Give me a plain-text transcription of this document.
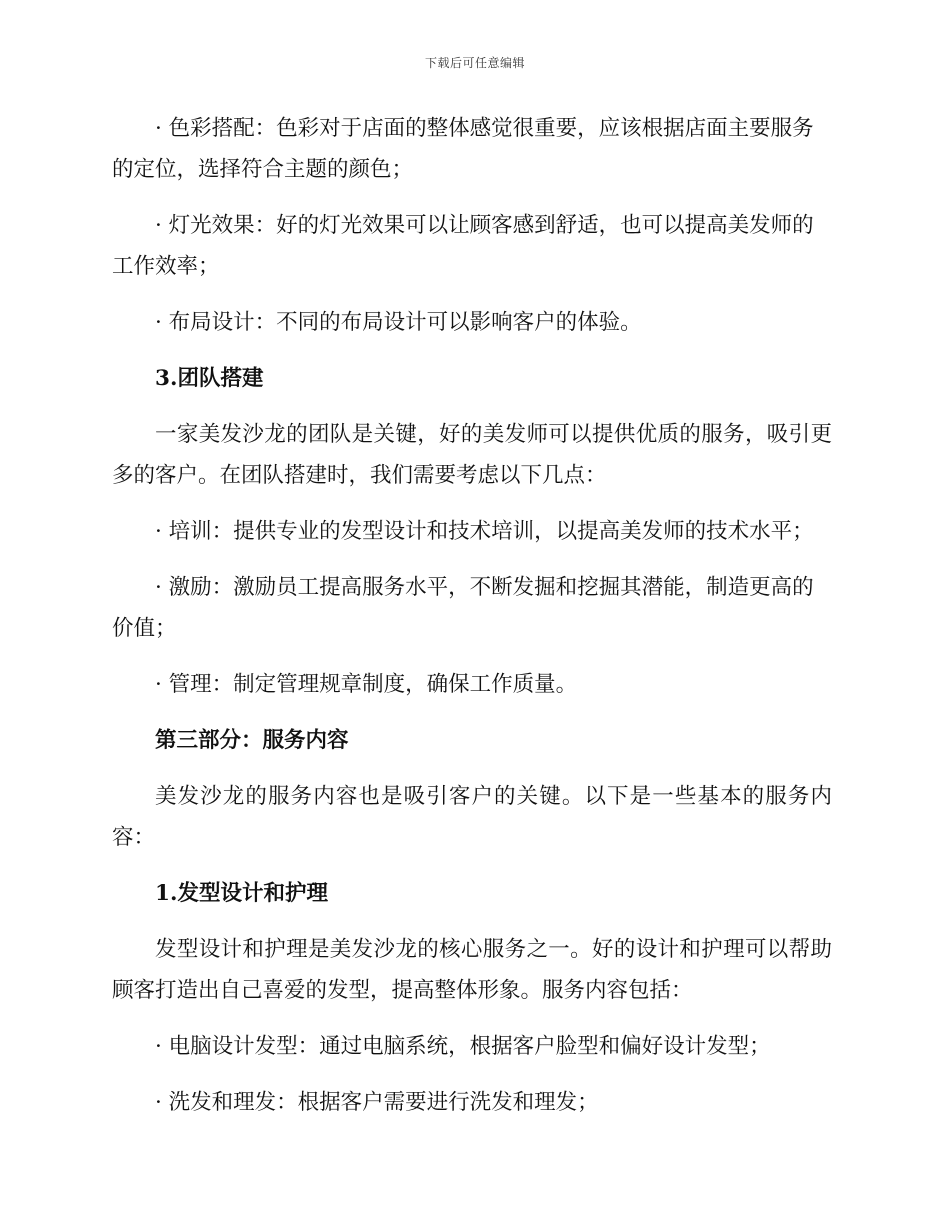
下载后可任意编辑

· 色彩搭配：色彩对于店面的整体感觉很重要，应该根据店面主要服务的定位，选择符合主题的颜色；

· 灯光效果：好的灯光效果可以让顾客感到舒适，也可以提高美发师的工作效率；

· 布局设计：不同的布局设计可以影响客户的体验。

3.团队搭建

一家美发沙龙的团队是关键，好的美发师可以提供优质的服务，吸引更多的客户。在团队搭建时，我们需要考虑以下几点：

· 培训：提供专业的发型设计和技术培训，以提高美发师的技术水平；

· 激励：激励员工提高服务水平，不断发掘和挖掘其潜能，制造更高的价值；

· 管理：制定管理规章制度，确保工作质量。

第三部分：服务内容

美发沙龙的服务内容也是吸引客户的关键。以下是一些基本的服务内容：

1.发型设计和护理

发型设计和护理是美发沙龙的核心服务之一。好的设计和护理可以帮助顾客打造出自己喜爱的发型，提高整体形象。服务内容包括：

· 电脑设计发型：通过电脑系统，根据客户脸型和偏好设计发型；

· 洗发和理发：根据客户需要进行洗发和理发；
